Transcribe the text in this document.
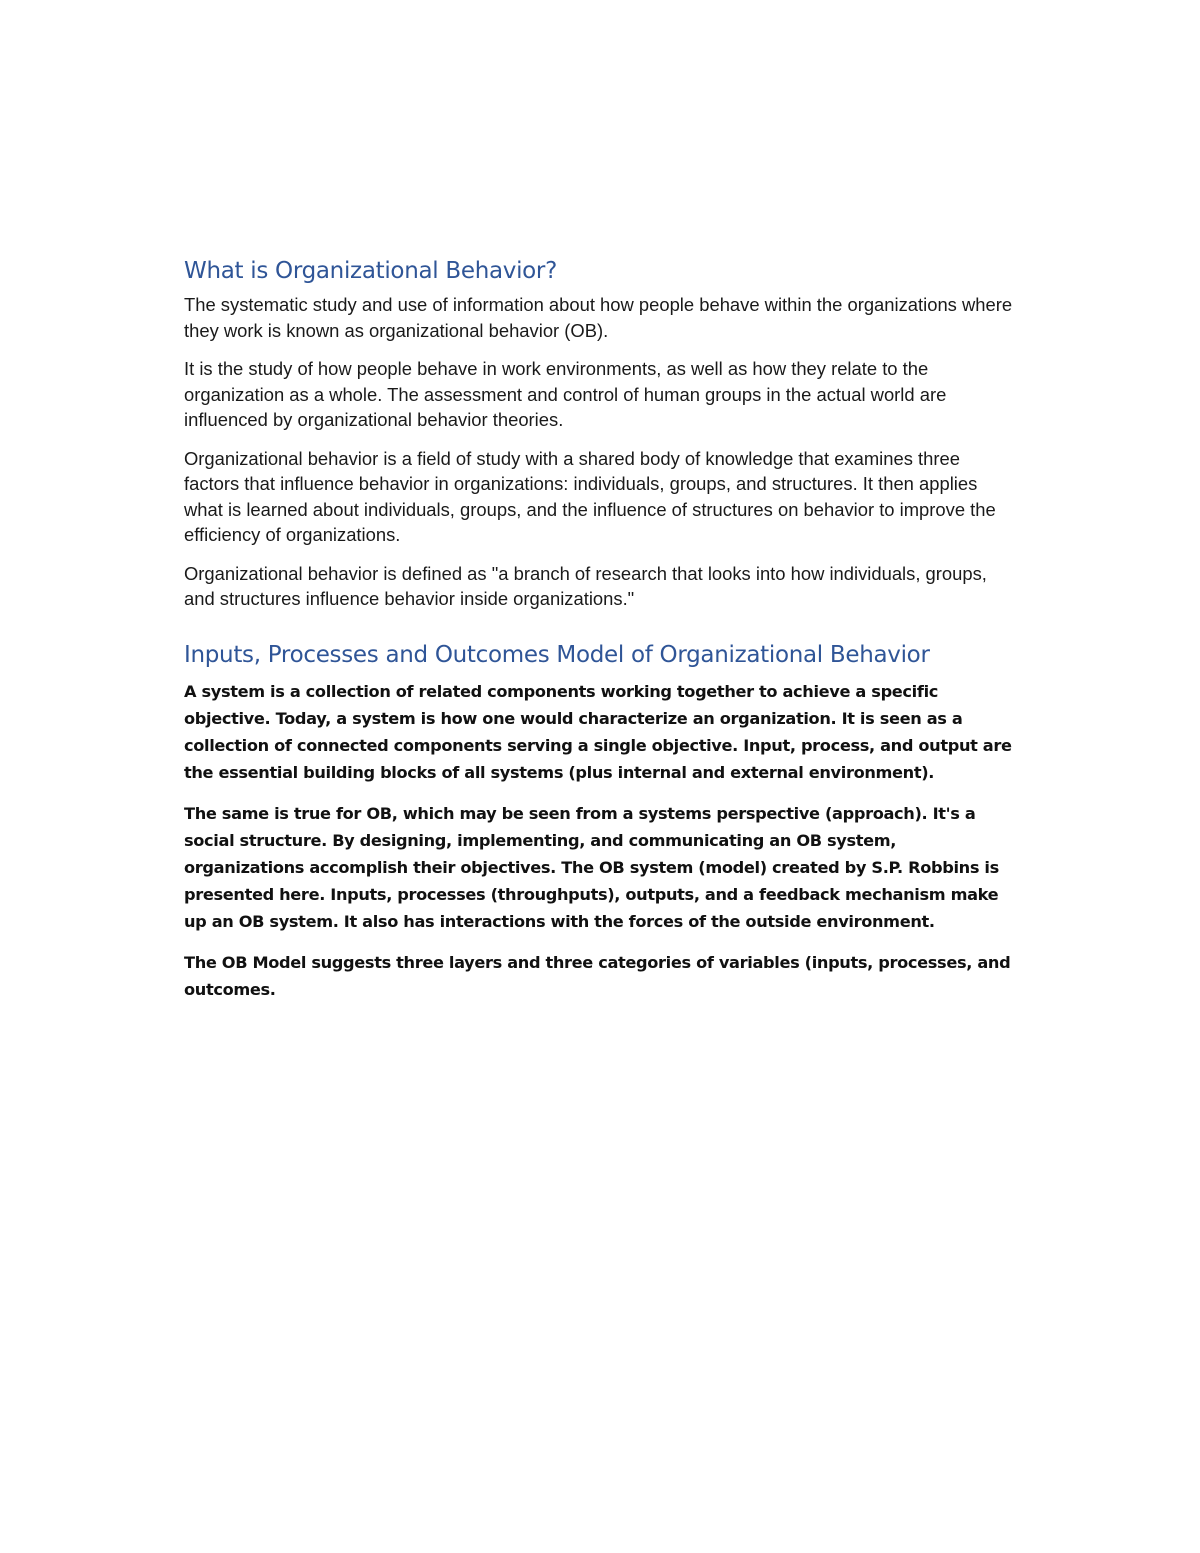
What is Organizational Behavior?

The systematic study and use of information about how people behave within the organizations where they work is known as organizational behavior (OB).

It is the study of how people behave in work environments, as well as how they relate to the organization as a whole. The assessment and control of human groups in the actual world are influenced by organizational behavior theories.

Organizational behavior is a field of study with a shared body of knowledge that examines three factors that influence behavior in organizations: individuals, groups, and structures. It then applies what is learned about individuals, groups, and the influence of structures on behavior to improve the efficiency of organizations.

Organizational behavior is defined as "a branch of research that looks into how individuals, groups, and structures influence behavior inside organizations."

Inputs, Processes and Outcomes Model of Organizational Behavior

A system is a collection of related components working together to achieve a specific objective. Today, a system is how one would characterize an organization. It is seen as a collection of connected components serving a single objective. Input, process, and output are the essential building blocks of all systems (plus internal and external environment).

The same is true for OB, which may be seen from a systems perspective (approach). It's a social structure. By designing, implementing, and communicating an OB system, organizations accomplish their objectives. The OB system (model) created by S.P. Robbins is presented here. Inputs, processes (throughputs), outputs, and a feedback mechanism make up an OB system. It also has interactions with the forces of the outside environment.

The OB Model suggests three layers and three categories of variables (inputs, processes, and outcomes.
